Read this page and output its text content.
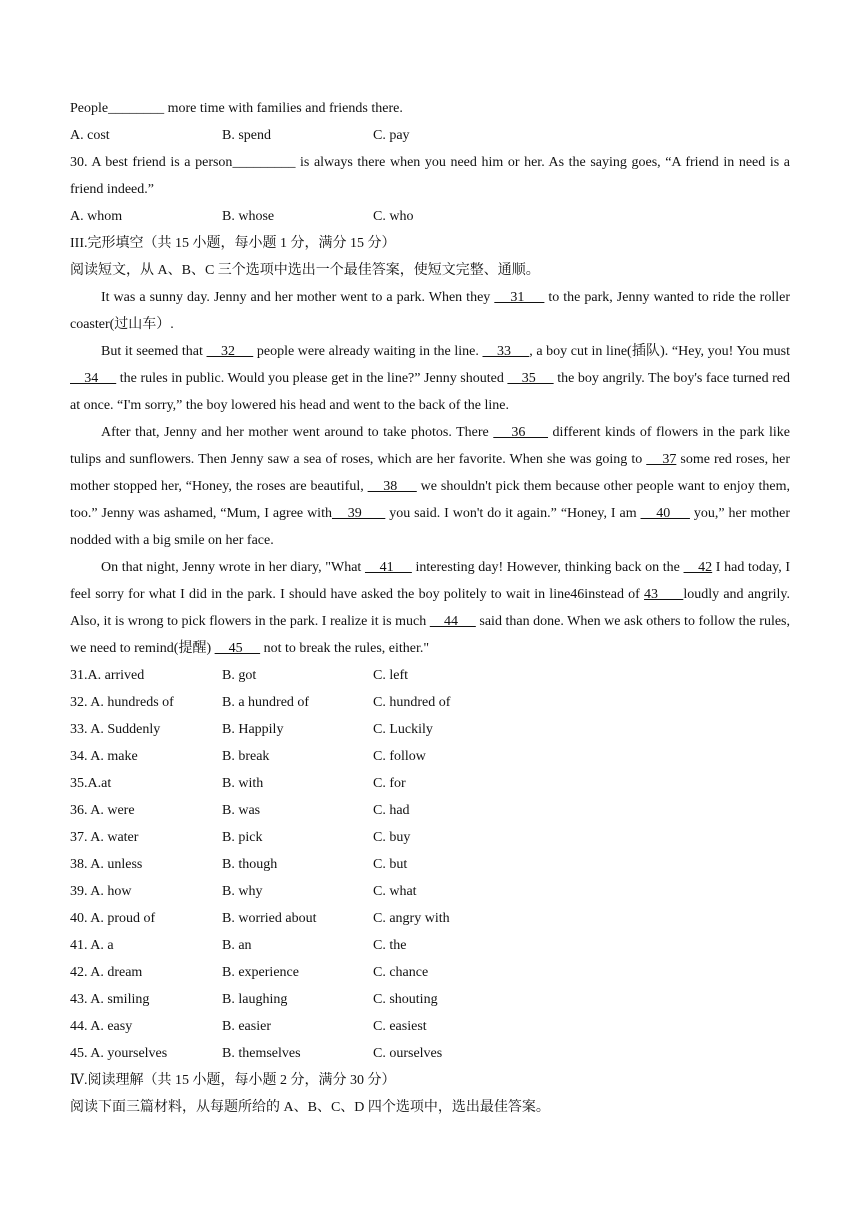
People________ more time with families and friends there.

A. cost	B. spend	C. pay

30. A best friend is a person_________ is always there when you need him or her. As the saying goes, “A friend in need is a friend indeed.”

A. whom	B. whose	C. who

III.完形填空（共 15 小题，每小题 1 分，满分 15 分）

阅读短文，从 A、B、C 三个选项中选出一个最佳答案，使短文完整、通顺。

It was a sunny day. Jenny and her mother went to a park. When they     31      to the park, Jenny wanted to ride the roller coaster(过山车）.

But it seemed that     32      people were already waiting in the line.     33     , a boy cut in line(插队). “Hey, you! You must     34      the rules in public. Would you please get in the line?” Jenny shouted     35      the boy angrily. The boy's face turned red at once. “I'm sorry,” the boy lowered his head and went to the back of the line.

After that, Jenny and her mother went around to take photos. There     36      different kinds of flowers in the park like tulips and sunflowers. Then Jenny saw a sea of roses, which are her favorite. When she was going to     37 some red roses, her mother stopped her, “Honey, the roses are beautiful,     38      we shouldn't pick them because other people want to enjoy them, too.” Jenny was ashamed, “Mum, I agree with    39       you said. I won't do it again.” “Honey, I am     40      you,” her mother nodded with a big smile on her face.

On that night, Jenny wrote in her diary, "What     41      interesting day! However, thinking back on the     42 I had today, I feel sorry for what I did in the park. I should have asked the boy politely to wait in line46instead of 43      loudly and angrily. Also, it is wrong to pick flowers in the park. I realize it is much     44      said than done. When we ask others to follow the rules, we need to remind(提醒)     45      not to break the rules, either."

31.A. arrived	B. got	C. left
32. A. hundreds of	B. a hundred of	C. hundred of
33. A. Suddenly	B. Happily	C. Luckily
34. A. make	B. break	C. follow
35.A.at	B. with	C. for
36. A. were	B. was	C. had
37. A. water	B. pick	C. buy
38. A. unless	B. though	C. but
39. A. how	B. why	C. what
40. A. proud of	B. worried about	C. angry with
41. A. a	B. an	C. the
42. A. dream	B. experience	C. chance
43. A. smiling	B. laughing	C. shouting
44. A. easy	B. easier	C. easiest
45. A. yourselves	B. themselves	C. ourselves

Ⅳ.阅读理解（共 15 小题，每小题 2 分，满分 30 分）

阅读下面三篇材料，从每题所给的 A、B、C、D 四个选项中，选出最佳答案。
